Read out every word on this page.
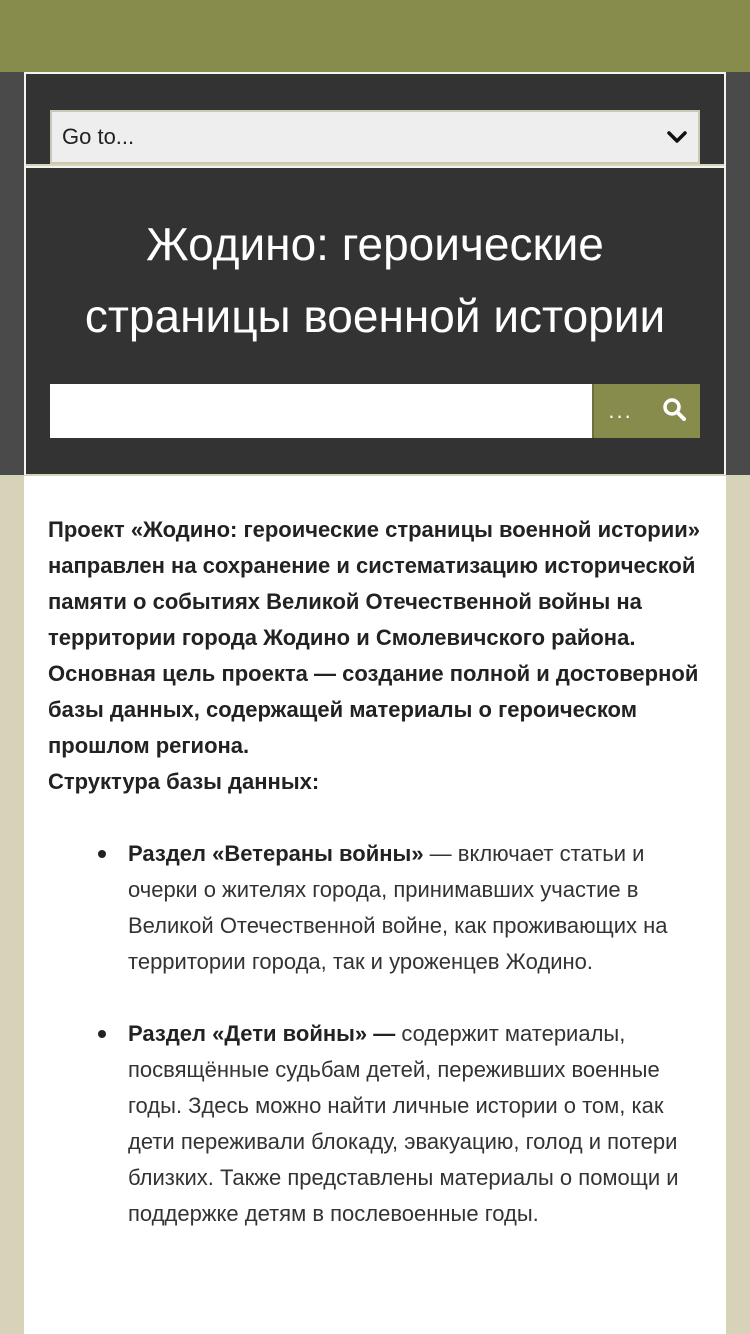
Go to...
Жодино: героические
страницы военной истории
...

Проект «Жодино: героические страницы военной истории» направлен на сохранение и систематизацию исторической памяти о событиях Великой Отечественной войны на территории города Жодино и Смолевичского района.

Основная цель проекта — создание полной и достоверной базы данных, содержащей материалы о героическом прошлом региона.

Структура базы данных:

Раздел «Ветераны войны» — включает статьи и очерки о жителях города, принимавших участие в Великой Отечественной войне, как проживающих на территории города, так и уроженцев Жодино.
Раздел «Дети войны» — содержит материалы, посвящённые судьбам детей, переживших военные годы. Здесь можно найти личные истории о том, как дети переживали блокаду, эвакуацию, голод и потери близких. Также представлены материалы о помощи и поддержке детям в послевоенные годы.
